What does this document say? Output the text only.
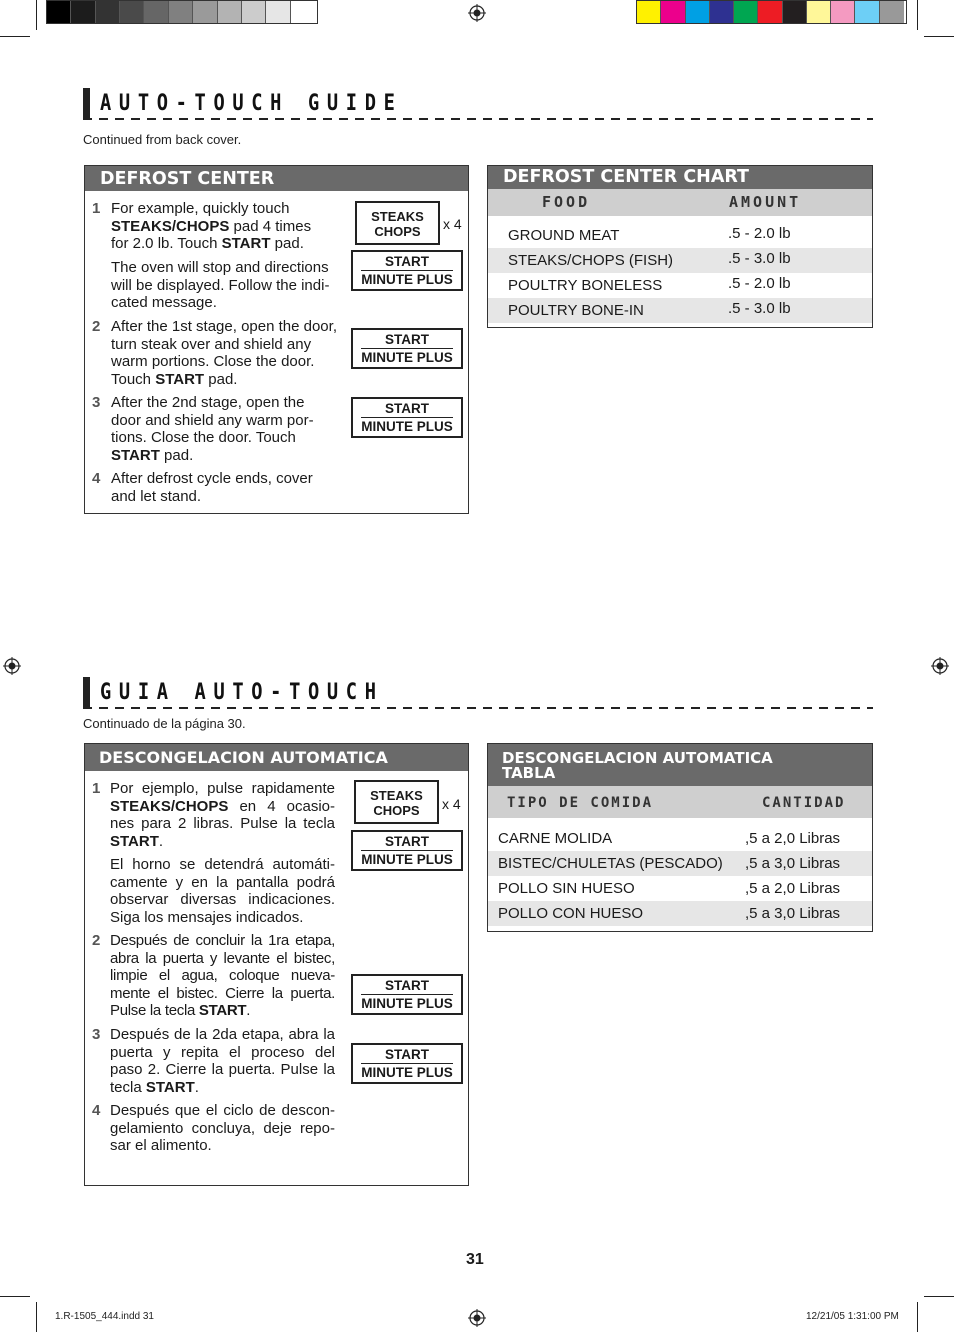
AUTO-TOUCH GUIDE
Continued from back cover.
DEFROST CENTER
1 For example, quickly touch
STEAKS/CHOPS pad 4 times
for 2.0 lb. Touch START pad.
The oven will stop and directions will be displayed. Follow the indi- cated message.
2 After the 1st stage, open the door, turn steak over and shield any warm portions. Close the door. Touch START pad.
3 After the 2nd stage, open the door and shield any warm por- tions. Close the door. Touch START pad.
4 After defrost cycle ends, cover and let stand.
STEAKS
CHOPS	x 4
START
MINUTE PLUS
START
MINUTE PLUS
START
MINUTE PLUS
DEFROST CENTER CHART
FOOD	AMOUNT
GROUND MEAT	.5 - 2.0 lb
STEAKS/CHOPS (FISH)	.5 - 3.0 lb
POULTRY BONELESS	.5 - 2.0 lb
POULTRY BONE-IN	.5 - 3.0 lb
GUIA AUTO-TOUCH
Continuado de la página 30.
DESCONGELACION AUTOMATICA
1 Por ejemplo, pulse rapidamente STEAKS/CHOPS en 4 ocasio- nes para 2 libras. Pulse la tecla START.
El horno se detendrá automáti- camente y en la pantalla podrá observar diversas indicaciones. Siga los mensajes indicados.
2 Después de concluir la 1ra etapa, abra la puerta y levante el bistec, limpie el agua, coloque nueva- mente el bistec. Cierre la puerta. Pulse la tecla START.
3 Después de la 2da etapa, abra la puerta y repita el proceso del paso 2. Cierre la puerta. Pulse la tecla START.
4 Después que el ciclo de descon- gelamiento concluya, deje repo- sar el alimento.
STEAKS
CHOPS	x 4
START
MINUTE PLUS
START
MINUTE PLUS
START
MINUTE PLUS
DESCONGELACION AUTOMATICA
TABLA
TIPO DE COMIDA	CANTIDAD
CARNE MOLIDA	,5 a 2,0 Libras
BISTEC/CHULETAS (PESCADO) ,5 a 3,0 Libras
POLLO SIN HUESO	,5 a 2,0 Libras
POLLO CON HUESO	,5 a 3,0 Libras
31
1.R-1505_444.indd 31	12/21/05 1:31:00 PM
